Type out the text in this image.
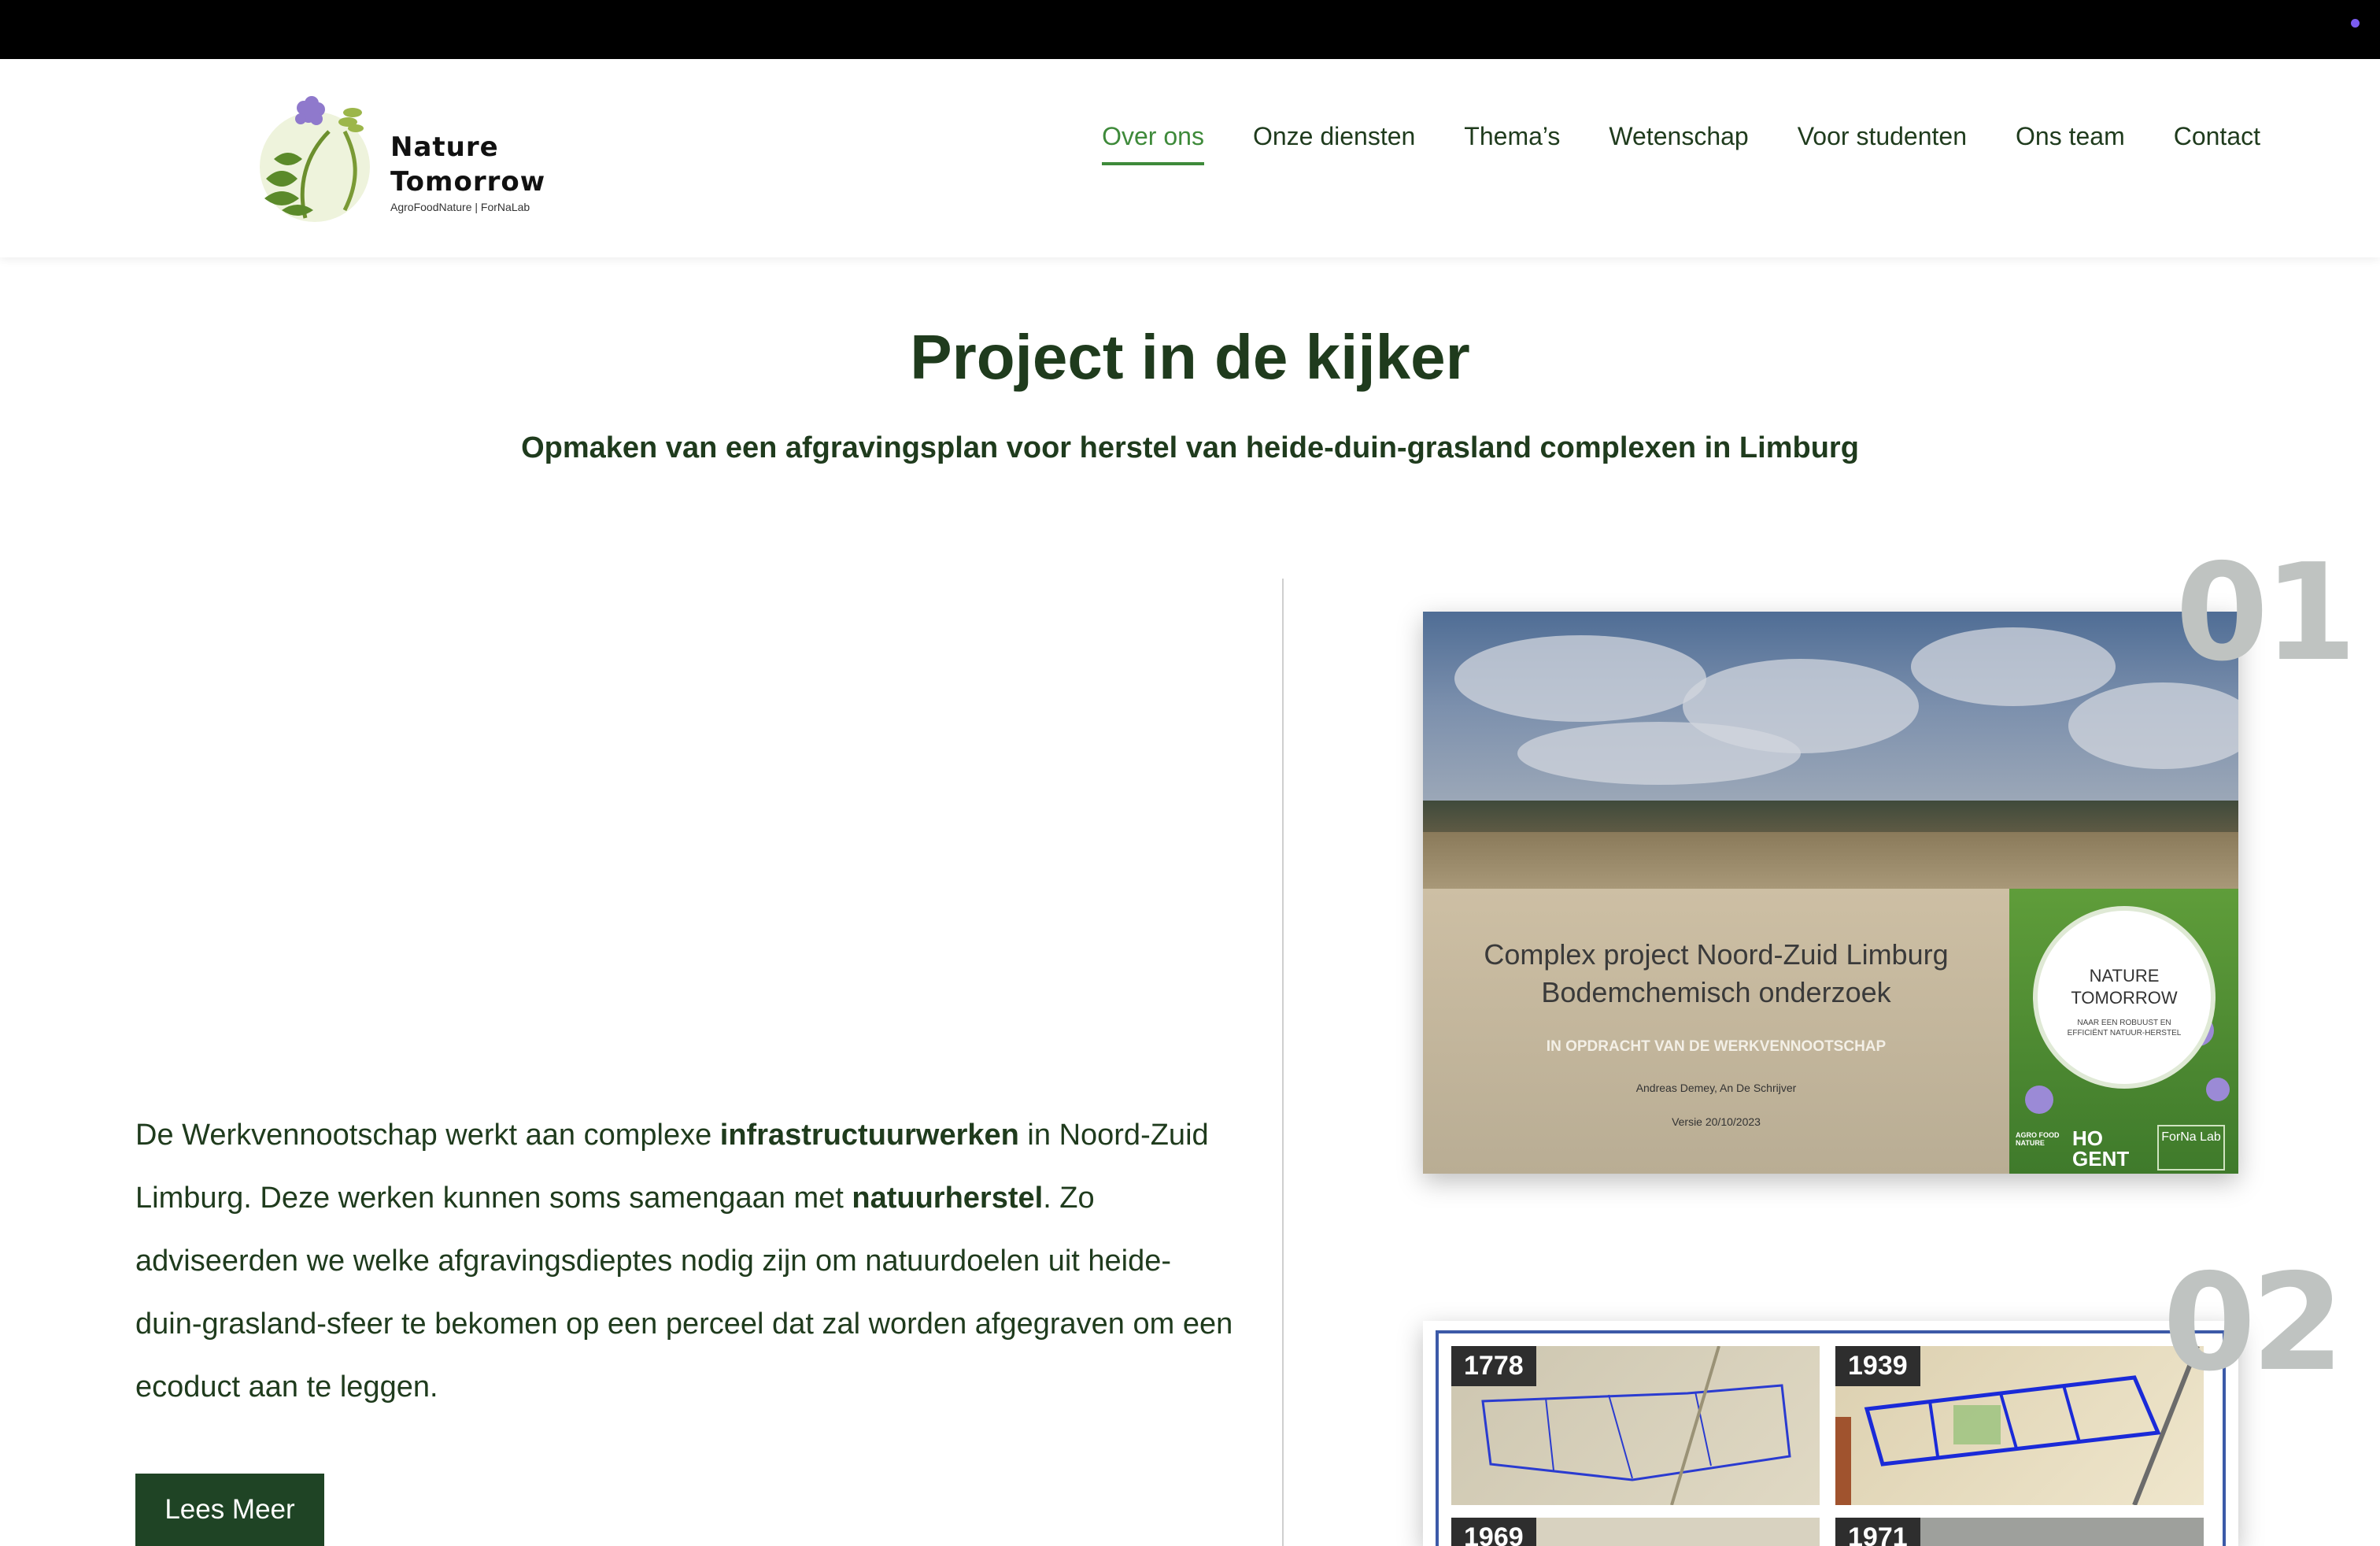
Nature
Tomorrow
AgroFoodNature | ForNaLab
Over ons Onze diensten Thema’s Wetenschap Voor studenten Ons team Contact
Project in de kijker
Opmaken van een afgravingsplan voor herstel van heide-duin-grasland complexen in Limburg

De Werkvennootschap werkt aan complexe infrastructuurwerken in Noord-Zuid Limburg. Deze werken kunnen soms samengaan met natuurherstel. Zo adviseerden we welke afgravingsdieptes nodig zijn om natuurdoelen uit heide-duin-grasland-sfeer te bekomen op een perceel dat zal worden afgegraven om een ecoduct aan te leggen.

Lees Meer
Complex project Noord-Zuid Limburg
Bodemchemisch onderzoek
IN OPDRACHT VAN DE WERKVENNOOTSCHAP
Andreas Demey, An De Schrijver
Versie 20/10/2023
NATURE
TOMORROW
NAAR EEN ROBUUST EN EFFICIËNT NATUUR-HERSTEL
AGRO FOOD NATURE	HO GENT
ForNa Lab
01
1778	1939
1969	1971
02
